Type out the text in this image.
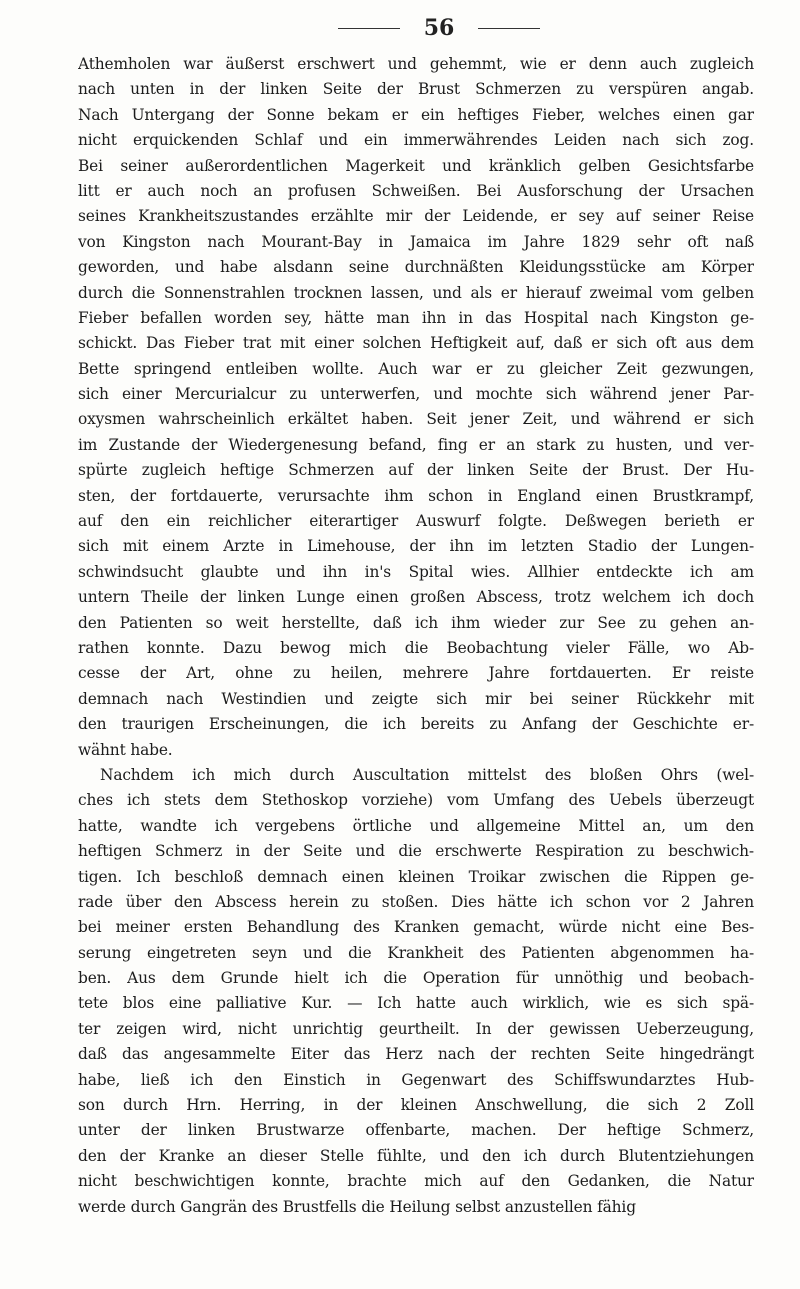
56
Athemholen war äußerst erschwert und gehemmt, wie er denn auch zugleich
nach unten in der linken Seite der Brust Schmerzen zu verspüren angab.
Nach Untergang der Sonne bekam er ein heftiges Fieber, welches einen gar
nicht erquickenden Schlaf und ein immerwährendes Leiden nach sich zog.
Bei seiner außerordentlichen Magerkeit und kränklich gelben Gesichtsfarbe
litt er auch noch an profusen Schweißen. Bei Ausforschung der Ursachen
seines Krankheitszustandes erzählte mir der Leidende, er sey auf seiner Reise
von Kingston nach Mourant-Bay in Jamaica im Jahre 1829 sehr oft naß
geworden, und habe alsdann seine durchnäßten Kleidungsstücke am Körper
durch die Sonnenstrahlen trocknen lassen, und als er hierauf zweimal vom gelben
Fieber befallen worden sey, hätte man ihn in das Hospital nach Kingston ge-
schickt. Das Fieber trat mit einer solchen Heftigkeit auf, daß er sich oft aus dem
Bette springend entleiben wollte. Auch war er zu gleicher Zeit gezwungen,
sich einer Mercurialcur zu unterwerfen, und mochte sich während jener Par-
oxysmen wahrscheinlich erkältet haben. Seit jener Zeit, und während er sich
im Zustande der Wiedergenesung befand, fing er an stark zu husten, und ver-
spürte zugleich heftige Schmerzen auf der linken Seite der Brust. Der Hu-
sten, der fortdauerte, verursachte ihm schon in England einen Brustkrampf,
auf den ein reichlicher eiterartiger Auswurf folgte. Deßwegen berieth er
sich mit einem Arzte in Limehouse, der ihn im letzten Stadio der Lungen-
schwindsucht glaubte und ihn in's Spital wies. Allhier entdeckte ich am
untern Theile der linken Lunge einen großen Abscess, trotz welchem ich doch
den Patienten so weit herstellte, daß ich ihm wieder zur See zu gehen an-
rathen konnte. Dazu bewog mich die Beobachtung vieler Fälle, wo Ab-
cesse der Art, ohne zu heilen, mehrere Jahre fortdauerten. Er reiste
demnach nach Westindien und zeigte sich mir bei seiner Rückkehr mit
den traurigen Erscheinungen, die ich bereits zu Anfang der Geschichte er-
wähnt habe.
Nachdem ich mich durch Auscultation mittelst des bloßen Ohrs (wel-
ches ich stets dem Stethoskop vorziehe) vom Umfang des Uebels überzeugt
hatte, wandte ich vergebens örtliche und allgemeine Mittel an, um den
heftigen Schmerz in der Seite und die erschwerte Respiration zu beschwich-
tigen. Ich beschloß demnach einen kleinen Troikar zwischen die Rippen ge-
rade über den Abscess herein zu stoßen. Dies hätte ich schon vor 2 Jahren
bei meiner ersten Behandlung des Kranken gemacht, würde nicht eine Bes-
serung eingetreten seyn und die Krankheit des Patienten abgenommen ha-
ben. Aus dem Grunde hielt ich die Operation für unnöthig und beobach-
tete blos eine palliative Kur. — Ich hatte auch wirklich, wie es sich spä-
ter zeigen wird, nicht unrichtig geurtheilt. In der gewissen Ueberzeugung,
daß das angesammelte Eiter das Herz nach der rechten Seite hingedrängt
habe, ließ ich den Einstich in Gegenwart des Schiffswundarztes Hub-
son durch Hrn. Herring, in der kleinen Anschwellung, die sich 2 Zoll
unter der linken Brustwarze offenbarte, machen. Der heftige Schmerz,
den der Kranke an dieser Stelle fühlte, und den ich durch Blutentziehungen
nicht beschwichtigen konnte, brachte mich auf den Gedanken, die Natur
werde durch Gangrän des Brustfells die Heilung selbst anzustellen fähig
